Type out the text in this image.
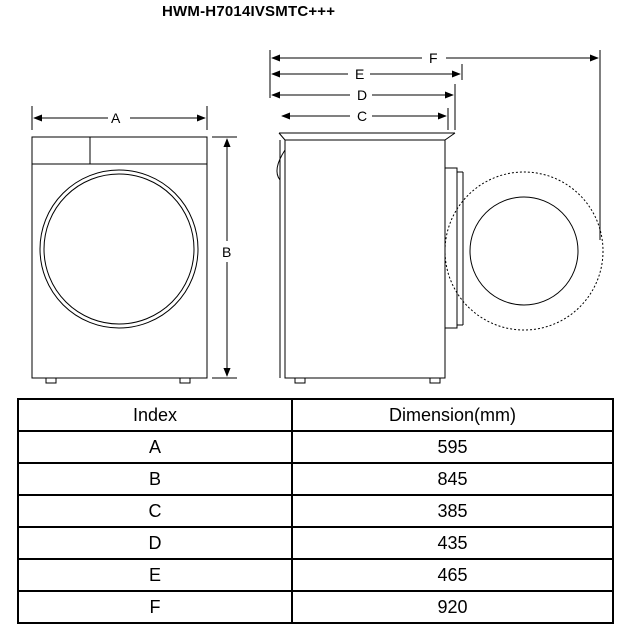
HWM-H7014IVSMTC+++
A
B
F
E
D
C
Index	Dimension(mm)
A	595
B	845
C	385
D	435
E	465
F	920
